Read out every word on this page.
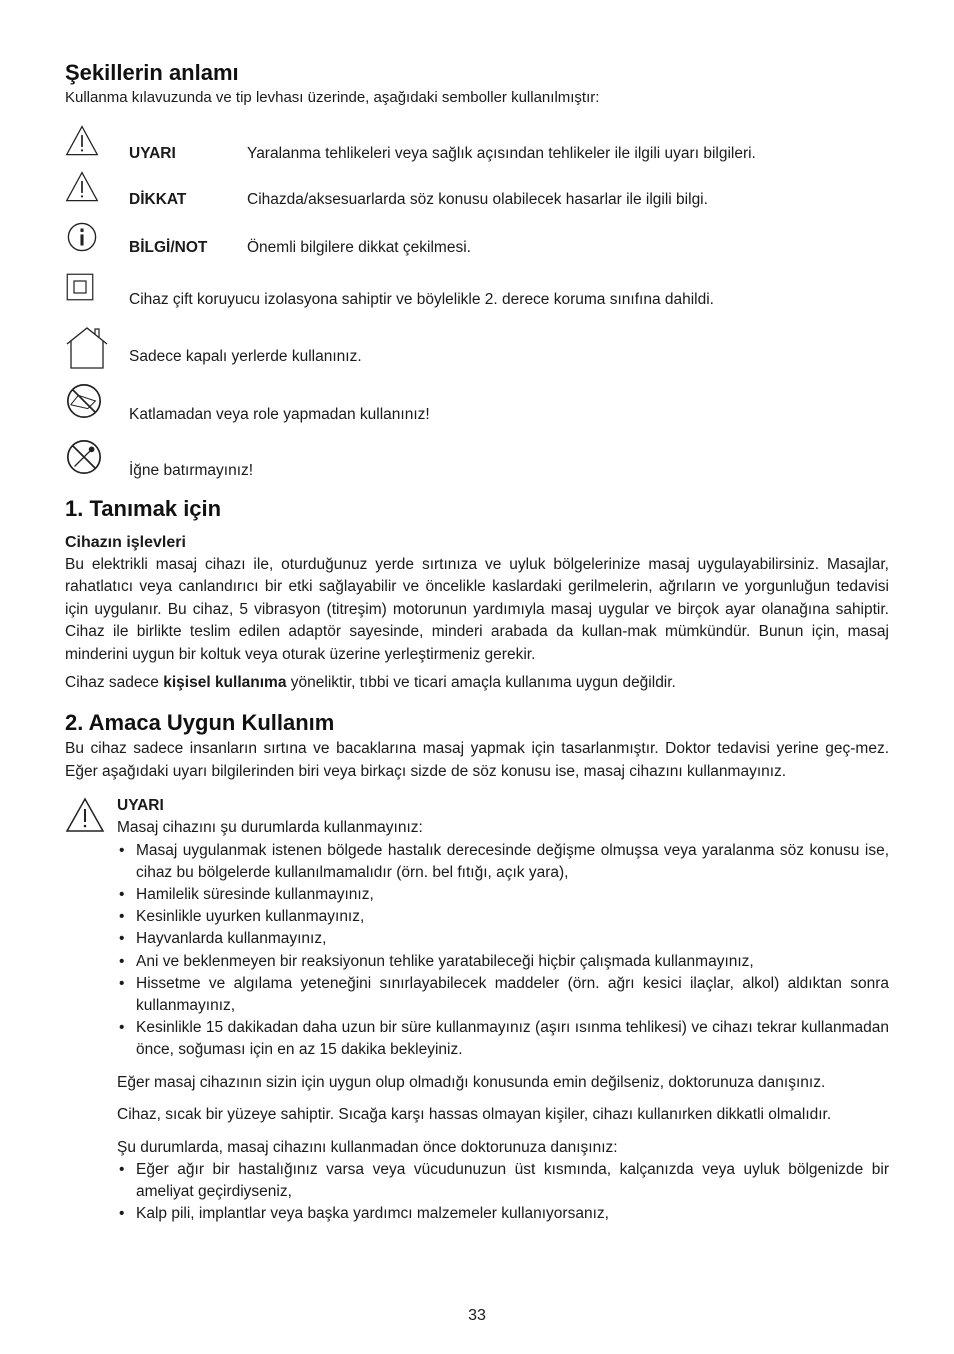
Şekillerin anlamı

Kullanma kılavuzunda ve tip levhası üzerinde, aşağıdaki semboller kullanılmıştır:

UYARI	Yaralanma tehlikeleri veya sağlık açısından tehlikeler ile ilgili uyarı bilgileri.
DİKKAT	Cihazda/aksesuarlarda söz konusu olabilecek hasarlar ile ilgili bilgi.
BİLGİ/NOT	Önemli bilgilere dikkat çekilmesi.
Cihaz çift koruyucu izolasyona sahiptir ve böylelikle 2. derece koruma sınıfına dahildi.
Sadece kapalı yerlerde kullanınız.
Katlamadan veya role yapmadan kullanınız!
İğne batırmayınız!
1. Tanımak için
Cihazın işlevleri

Bu elektrikli masaj cihazı ile, oturduğunuz yerde sırtınıza ve uyluk bölgelerinize masaj uygulayabilirsiniz. Masajlar, rahatlatıcı veya canlandırıcı bir etki sağlayabilir ve öncelikle kaslardaki gerilmelerin, ağrıların ve yorgunluğun tedavisi için uygulanır. Bu cihaz, 5 vibrasyon (titreşim) motorunun yardımıyla masaj uygular ve birçok ayar olanağına sahiptir. Cihaz ile birlikte teslim edilen adaptör sayesinde, minderi arabada da kullan-mak mümkündür. Bunun için, masaj minderini uygun bir koltuk veya oturak üzerine yerleştirmeniz gerekir.

Cihaz sadece kişisel kullanıma yöneliktir, tıbbi ve ticari amaçla kullanıma uygun değildir.

2. Amaca Uygun Kullanım

Bu cihaz sadece insanların sırtına ve bacaklarına masaj yapmak için tasarlanmıştır. Doktor tedavisi yerine geç-mez. Eğer aşağıdaki uyarı bilgilerinden biri veya birkaçı sizde de söz konusu ise, masaj cihazını kullanmayınız.

UYARI

Masaj cihazını şu durumlarda kullanmayınız:

• Masaj uygulanmak istenen bölgede hastalık derecesinde değişme olmuşsa veya yaralanma söz konusu ise, cihaz bu bölgelerde kullanılmamalıdır (örn. bel fıtığı, açık yara),
• Hamilelik süresinde kullanmayınız,
• Kesinlikle uyurken kullanmayınız,
• Hayvanlarda kullanmayınız,
• Ani ve beklenmeyen bir reaksiyonun tehlike yaratabileceği hiçbir çalışmada kullanmayınız,
• Hissetme ve algılama yeteneğini sınırlayabilecek maddeler (örn. ağrı kesici ilaçlar, alkol) aldıktan sonra kullanmayınız,
• Kesinlikle 15 dakikadan daha uzun bir süre kullanmayınız (aşırı ısınma tehlikesi) ve cihazı tekrar kullanmadan önce, soğuması için en az 15 dakika bekleyiniz.

Eğer masaj cihazının sizin için uygun olup olmadığı konusunda emin değilseniz, doktorunuza danışınız.

Cihaz, sıcak bir yüzeye sahiptir. Sıcağa karşı hassas olmayan kişiler, cihazı kullanırken dikkatli olmalıdır.

Şu durumlarda, masaj cihazını kullanmadan önce doktorunuza danışınız:

• Eğer ağır bir hastalığınız varsa veya vücudunuzun üst kısmında, kalçanızda veya uyluk bölgenizde bir ameliyat geçirdiyseniz,
• Kalp pili, implantlar veya başka yardımcı malzemeler kullanıyorsanız,
33
